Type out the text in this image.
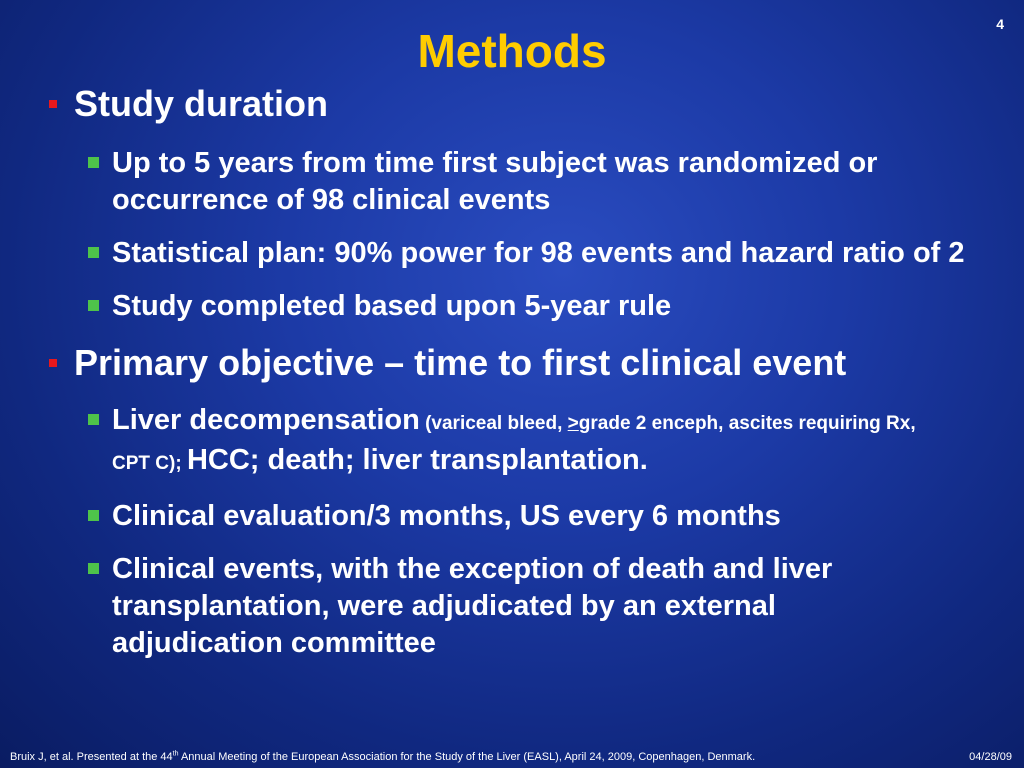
4
Methods
Study duration
Up to 5 years from time first subject was randomized or occurrence of 98 clinical events
Statistical plan: 90% power for 98 events and hazard ratio of 2
Study completed based upon 5-year rule
Primary objective – time to first clinical event
Liver decompensation (variceal bleed, >grade 2 enceph, ascites requiring Rx, CPT C); HCC; death; liver transplantation.
Clinical evaluation/3 months, US every 6 months
Clinical events, with the exception of death and liver transplantation, were adjudicated by an external adjudication committee
Bruix J, et al. Presented at the 44th Annual Meeting of the European Association for the Study of the Liver (EASL), April 24, 2009, Copenhagen, Denmark.	04/28/09
